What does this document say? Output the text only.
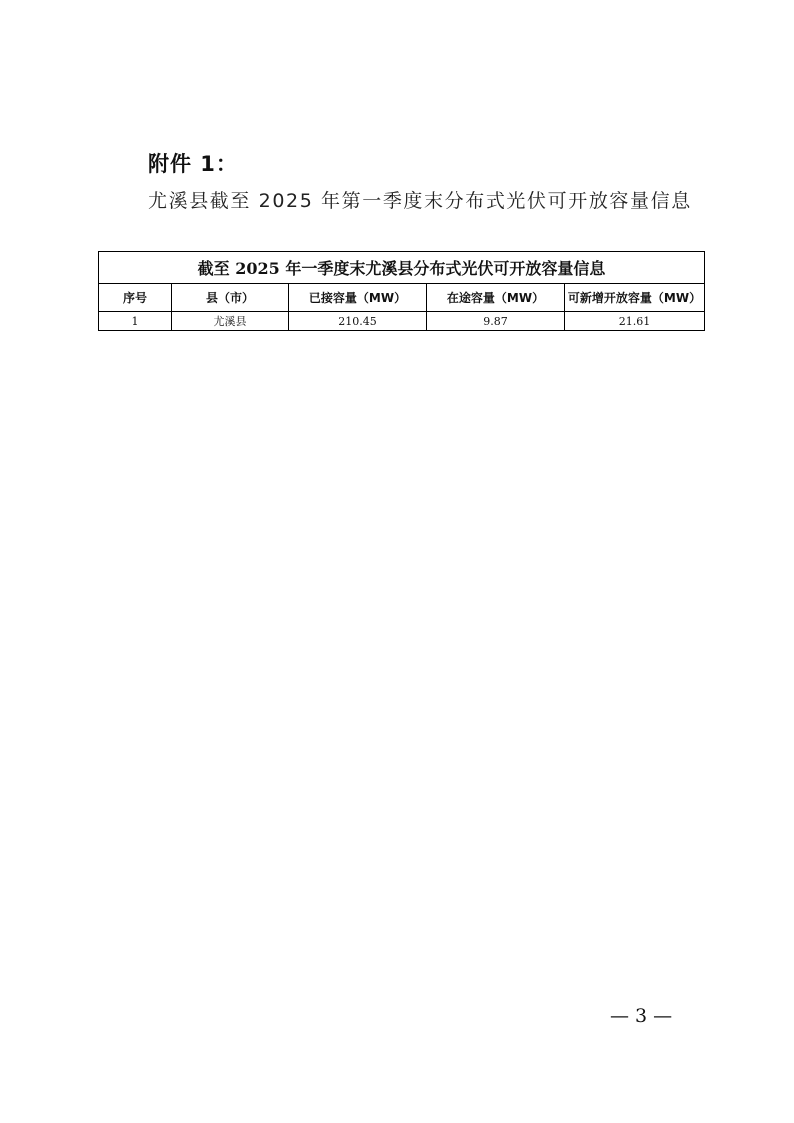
附件 1：
尤溪县截至 2025 年第一季度末分布式光伏可开放容量信息
截至 2025 年一季度末尤溪县分布式光伏可开放容量信息				
序号	县（市）	已接容量（MW）	在途容量（MW）	可新增开放容量（MW）
1	尤溪县	210.45	9.87	21.61
— 3 —
